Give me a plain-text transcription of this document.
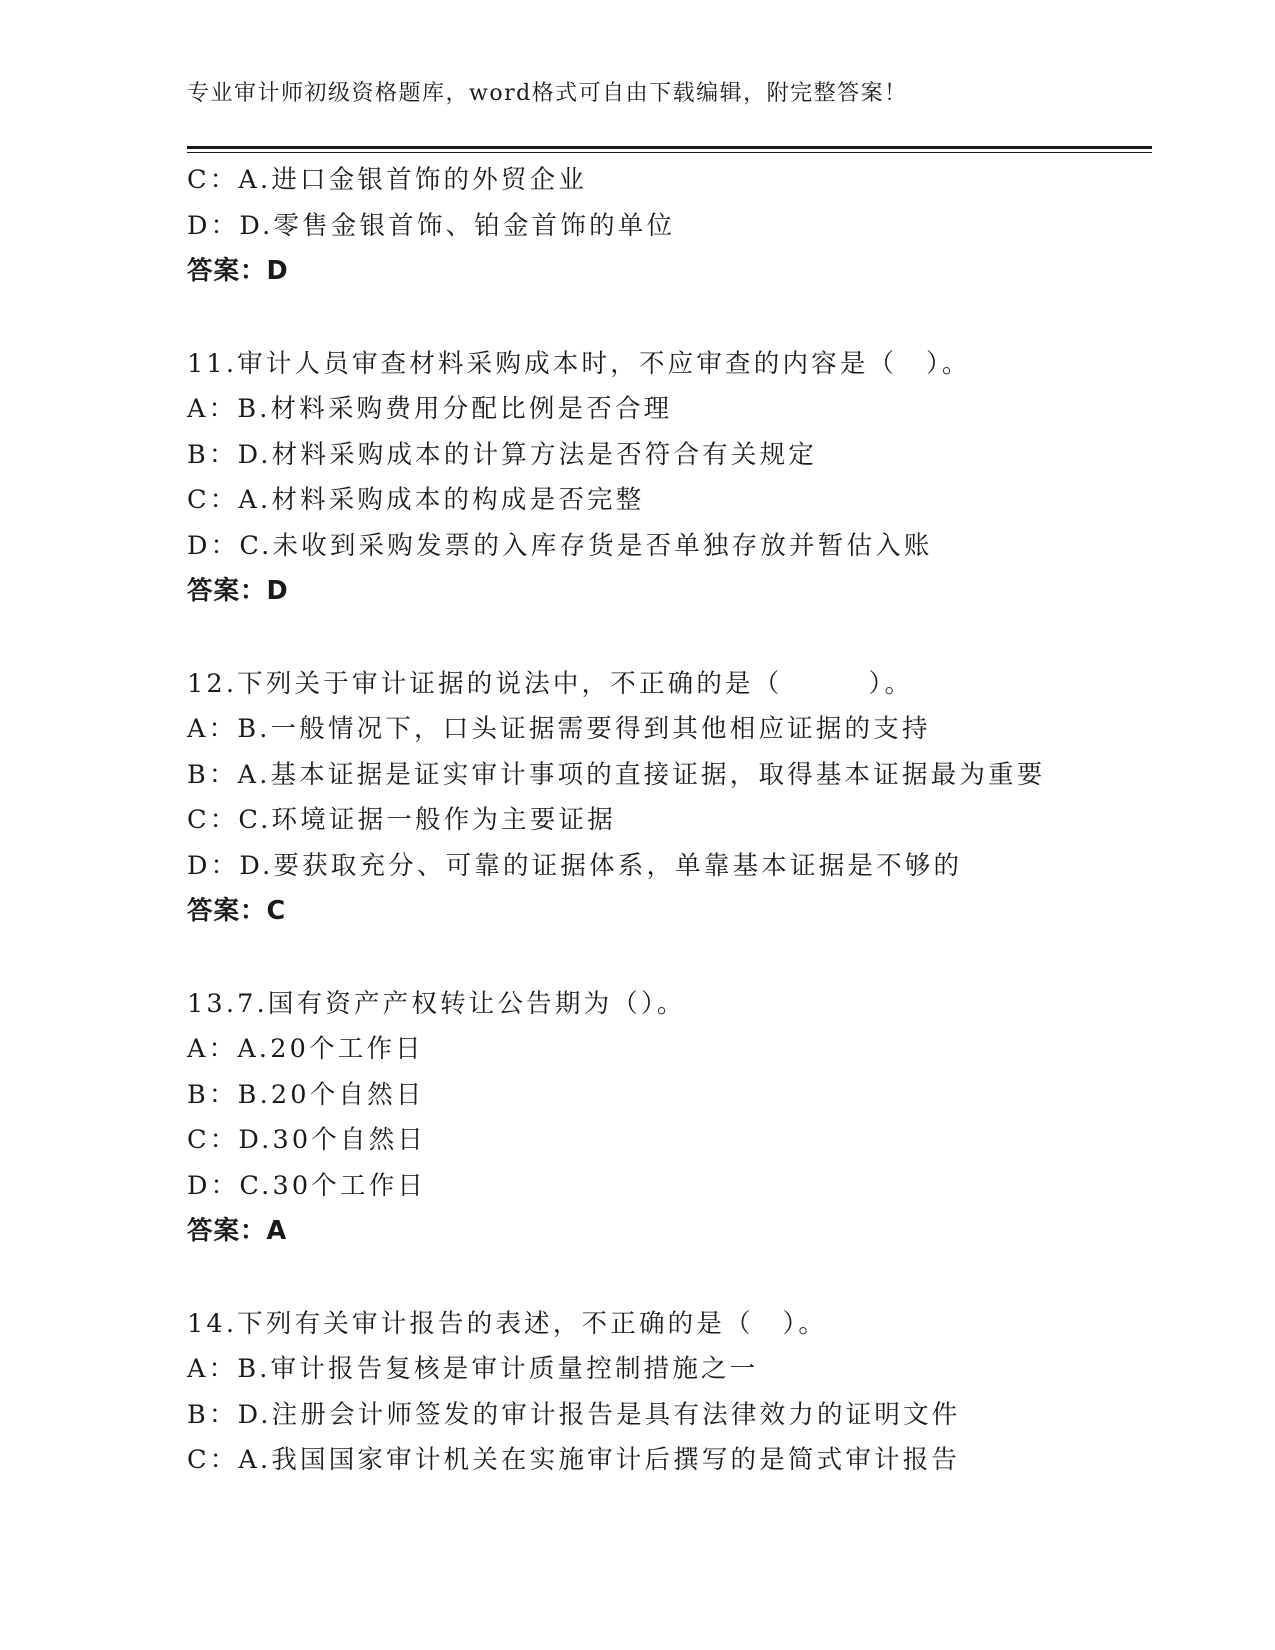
专业审计师初级资格题库，word格式可自由下载编辑，附完整答案！
C：A.进口金银首饰的外贸企业
D：D.零售金银首饰、铂金首饰的单位
答案：D
11.审计人员审查材料采购成本时，不应审查的内容是（　）。
A：B.材料采购费用分配比例是否合理
B：D.材料采购成本的计算方法是否符合有关规定
C：A.材料采购成本的构成是否完整
D：C.未收到采购发票的入库存货是否单独存放并暂估入账
答案：D
12.下列关于审计证据的说法中，不正确的是（　　　）。
A：B.一般情况下，口头证据需要得到其他相应证据的支持
B：A.基本证据是证实审计事项的直接证据，取得基本证据最为重要
C：C.环境证据一般作为主要证据
D：D.要获取充分、可靠的证据体系，单靠基本证据是不够的
答案：C
13.7.国有资产产权转让公告期为（）。
A：A.20个工作日
B：B.20个自然日
C：D.30个自然日
D：C.30个工作日
答案：A
14.下列有关审计报告的表述，不正确的是（　）。
A：B.审计报告复核是审计质量控制措施之一
B：D.注册会计师签发的审计报告是具有法律效力的证明文件
C：A.我国国家审计机关在实施审计后撰写的是简式审计报告
